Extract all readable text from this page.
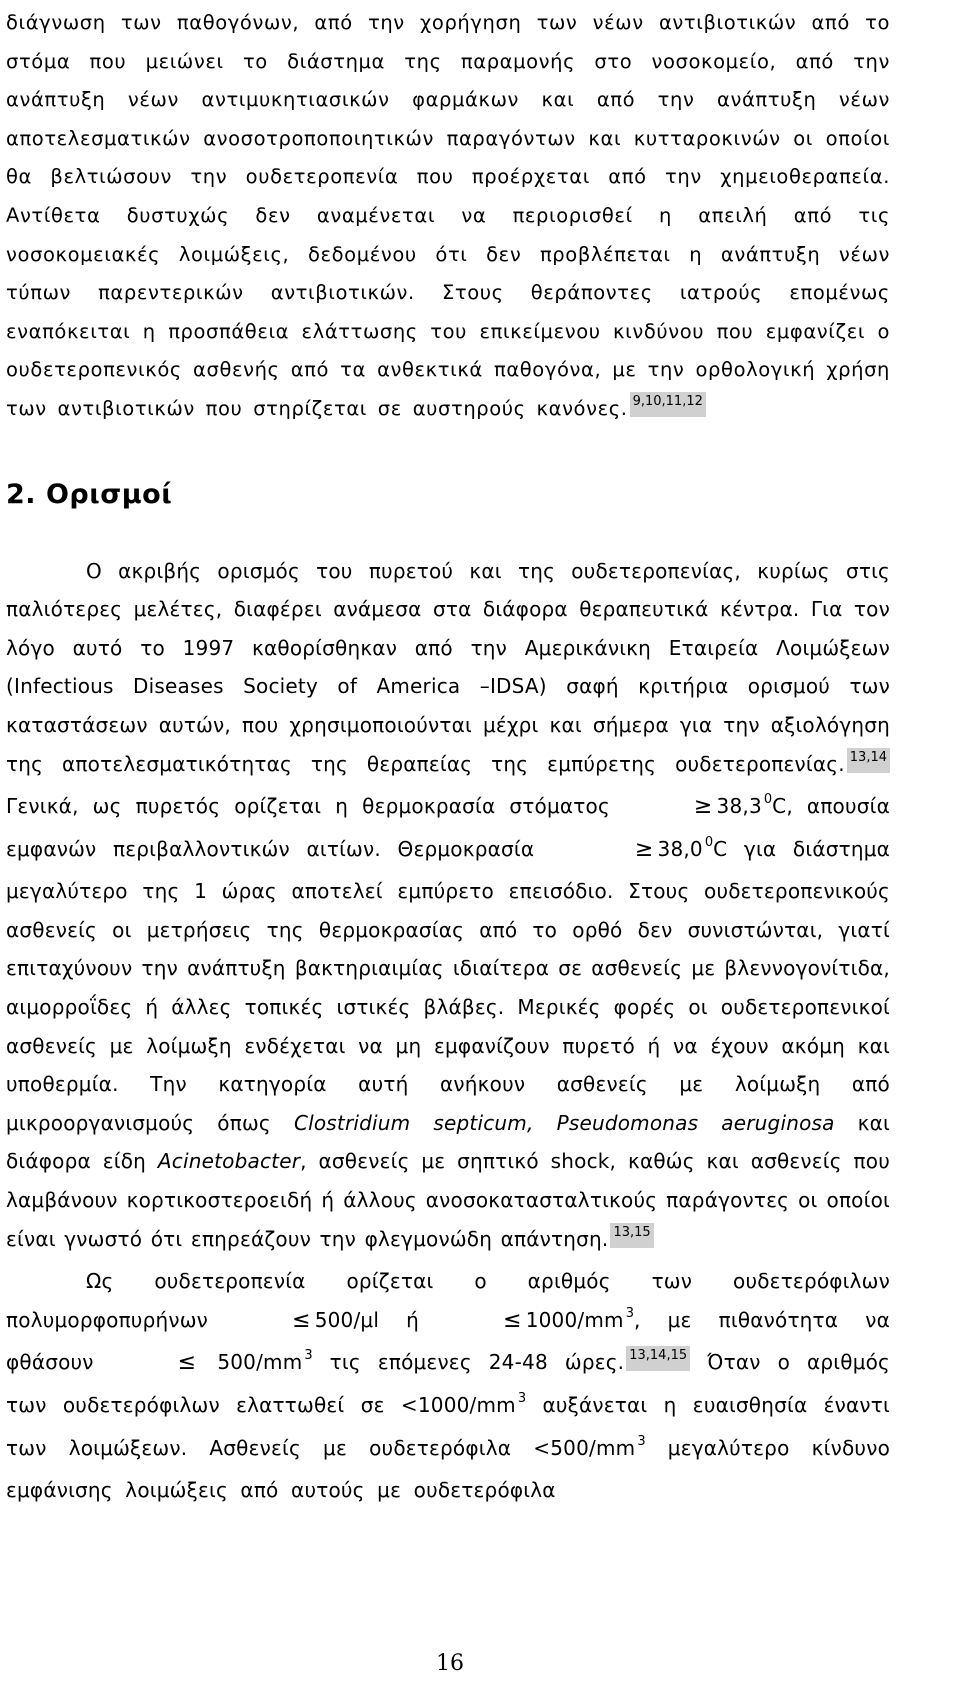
διάγνωση των παθογόνων, από την χορήγηση των νέων αντιβιοτικών από το στόμα που μειώνει το διάστημα της παραμονής στο νοσοκομείο, από την ανάπτυξη νέων αντιμυκητιασικών φαρμάκων και από την ανάπτυξη νέων αποτελεσματικών ανοσοτροποποιητικών παραγόντων και κυτταροκινών οι οποίοι θα βελτιώσουν την ουδετεροπενία που προέρχεται από την χημειοθεραπεία. Αντίθετα δυστυχώς δεν αναμένεται να περιορισθεί η απειλή από τις νοσοκομειακές λοιμώξεις, δεδομένου ότι δεν προβλέπεται η ανάπτυξη νέων τύπων παρεντερικών αντιβιοτικών. Στους θεράποντες ιατρούς επομένως εναπόκειται η προσπάθεια ελάττωσης του επικείμενου κινδύνου που εμφανίζει ο ουδετεροπενικός ασθενής από τα ανθεκτικά παθογόνα, με την ορθολογική χρήση των αντιβιοτικών που στηρίζεται σε αυστηρούς κανόνες. $^{9,10,11,12}$

2. Ορισμοί

Ο ακριβής ορισμός του πυρετού και της ουδετεροπενίας, κυρίως στις παλιότερες μελέτες, διαφέρει ανάμεσα στα διάφορα θεραπευτικά κέντρα. Για τον λόγο αυτό το 1997 καθορίσθηκαν από την Αμερικάνικη Εταιρεία Λοιμώξεων (Infectious Diseases Society of America –IDSA) σαφή κριτήρια ορισμού των καταστάσεων αυτών, που χρησιμοποιούνται μέχρι και σήμερα για την αξιολόγηση της αποτελεσματικότητας της θεραπείας της εμπύρετης ουδετεροπενίας. $^{13,14}$ Γενικά, ως πυρετός ορίζεται η θερμοκρασία στόματος	≥ 38,3 $^0$C, απουσία εμφανών περιβαλλοντικών αιτίων. Θερμοκρασία	≥ 38,0 $^0$C για διάστημα μεγαλύτερο της 1 ώρας αποτελεί εμπύρετο επεισόδιο. Στους ουδετεροπενικούς ασθενείς οι μετρήσεις της θερμοκρασίας από το ορθό δεν συνιστώνται, γιατί επιταχύνουν την ανάπτυξη βακτηριαιμίας ιδιαίτερα σε ασθενείς με βλεννογονίτιδα, αιμορροΐδες ή άλλες τοπικές ιστικές βλάβες. Μερικές φορές οι ουδετεροπενικοί ασθενείς με λοίμωξη ενδέχεται να μη εμφανίζουν πυρετό ή να έχουν ακόμη και υποθερμία. Την κατηγορία αυτή ανήκουν ασθενείς με λοίμωξη από μικροοργανισμούς όπως Clostridium septicum, Pseudomonas aeruginosa και διάφορα είδη Acinetobacter, ασθενείς με σηπτικό shock, καθώς και ασθενείς που λαμβάνουν κορτικοστεροειδή ή άλλους ανοσοκατασταλτικούς παράγοντες οι οποίοι είναι γνωστό ότι επηρεάζουν την φλεγμονώδη απάντηση. $^{13,15}$

Ως ουδετεροπενία ορίζεται ο αριθμός των ουδετερόφιλων πολυμορφοπυρήνων	≤ 500/μl ή	≤ 1000/mm $^3$, με πιθανότητα να φθάσουν	≤ 500/mm $^3$ τις επόμενες 24-48 ώρες. $^{13,14,15}$ Όταν ο αριθμός των ουδετερόφιλων ελαττωθεί σε <1000/mm $^3$ αυξάνεται η ευαισθησία έναντι των λοιμώξεων. Ασθενείς με ουδετερόφιλα <500/mm $^3$ μεγαλύτερο κίνδυνο εμφάνισης λοιμώξεις από αυτούς με ουδετερόφιλα

16
